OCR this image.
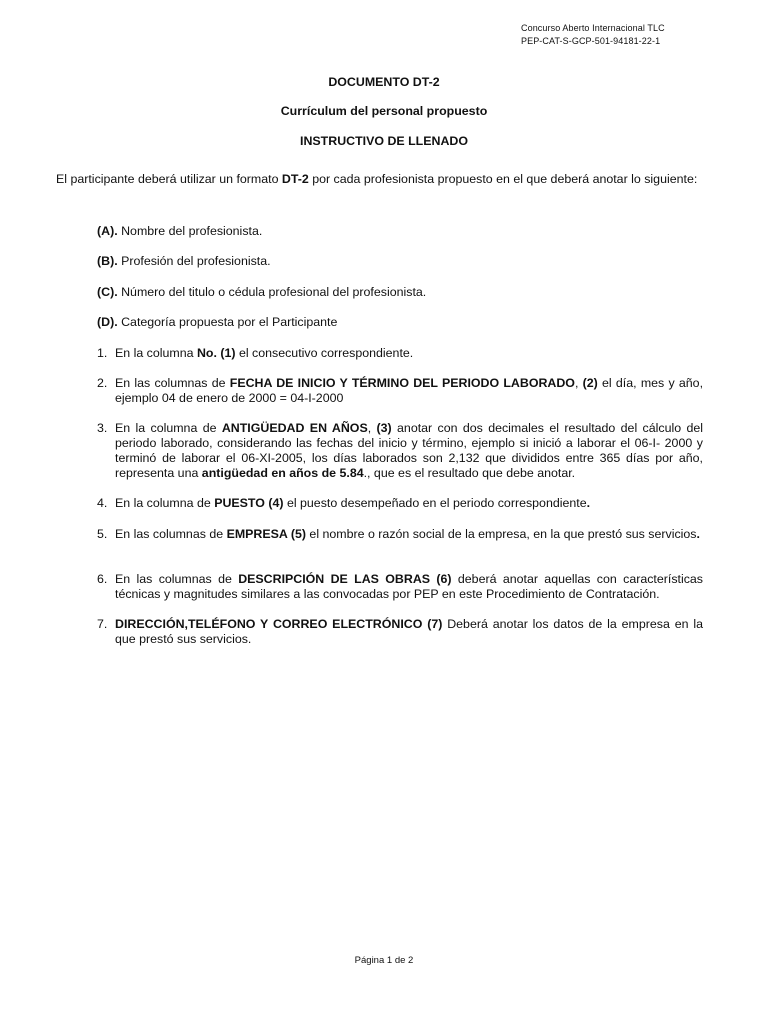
Concurso Aberto Internacional TLC
PEP-CAT-S-GCP-501-94181-22-1
DOCUMENTO DT-2
Currículum del personal propuesto
INSTRUCTIVO DE LLENADO
El participante deberá utilizar un formato DT-2 por cada profesionista propuesto en el que deberá anotar lo siguiente:
(A). Nombre del profesionista.
(B). Profesión del profesionista.
(C). Número del titulo o cédula profesional del profesionista.
(D). Categoría propuesta por el Participante
1. En la columna No. (1) el consecutivo correspondiente.
2. En las columnas de FECHA DE INICIO Y TÉRMINO DEL PERIODO LABORADO, (2) el día, mes y año, ejemplo 04 de enero de 2000 = 04-I-2000
3. En la columna de ANTIGÜEDAD EN AÑOS, (3) anotar con dos decimales el resultado del cálculo del periodo laborado, considerando las fechas del inicio y término, ejemplo si inició a laborar el 06-I- 2000 y terminó de laborar el 06-XI-2005, los días laborados son 2,132 que divididos entre 365 días por año, representa una antigüedad en años de 5.84., que es el resultado que debe anotar.
4. En la columna de PUESTO (4) el puesto desempeñado en el periodo correspondiente.
5. En las columnas de EMPRESA (5) el nombre o razón social de la empresa, en la que prestó sus servicios.
6. En las columnas de DESCRIPCIÓN DE LAS OBRAS (6) deberá anotar aquellas con características técnicas y magnitudes similares a las convocadas por PEP en este Procedimiento de Contratación.
7. DIRECCIÓN,TELÉFONO Y CORREO ELECTRÓNICO (7) Deberá anotar los datos de la empresa en la que prestó sus servicios.
Página 1 de 2
